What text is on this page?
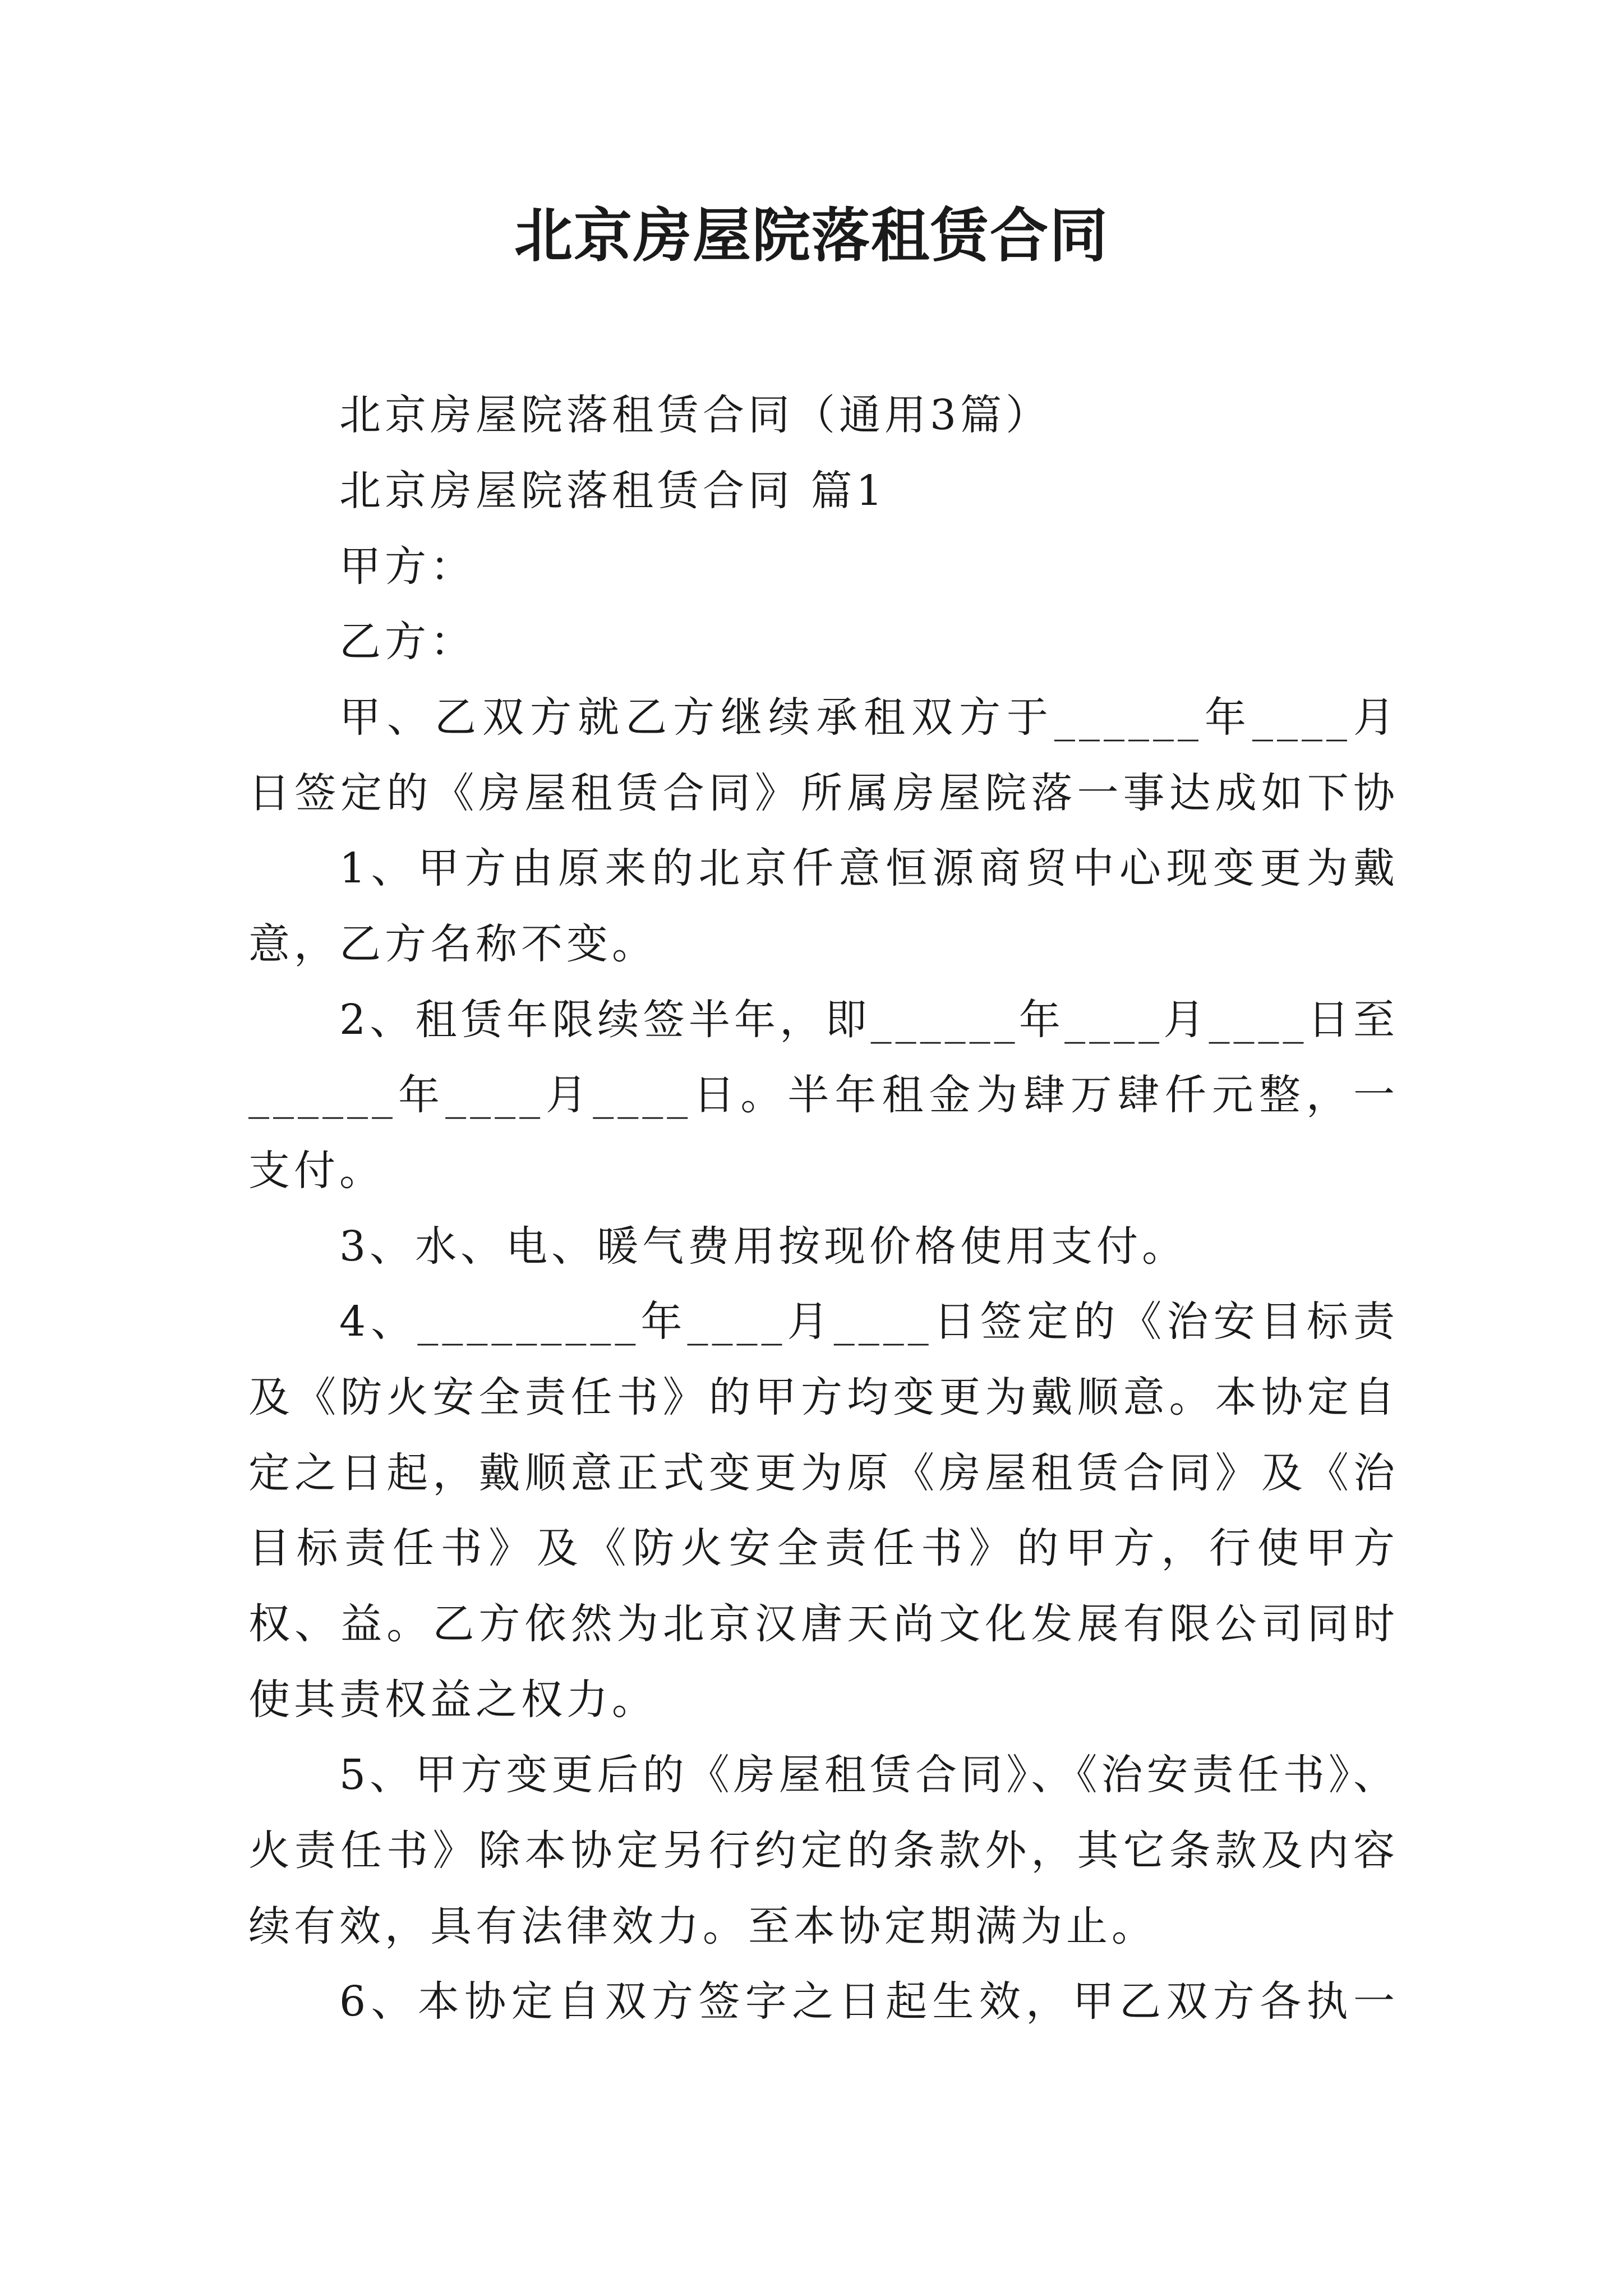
北京房屋院落租赁合同
北京房屋院落租赁合同（通用3篇）
北京房屋院落租赁合同 篇1
甲方：
乙方：
甲、乙双方就乙方继续承租双方于______年____月
日签定的《房屋租赁合同》所属房屋院落一事达成如下协
1、甲方由原来的北京仟意恒源商贸中心现变更为戴
意，乙方名称不变。
2、租赁年限续签半年，即______年____月____日至
______年____月____日。半年租金为肆万肆仟元整，一
支付。
3、水、电、暖气费用按现价格使用支付。
4、_________年____月____日签定的《治安目标责
及《防火安全责任书》的甲方均变更为戴顺意。本协定自
定之日起，戴顺意正式变更为原《房屋租赁合同》及《治
目标责任书》及《防火安全责任书》的甲方，行使甲方
权、益。乙方依然为北京汉唐天尚文化发展有限公司同时
使其责权益之权力。
5、甲方变更后的《房屋租赁合同》、《治安责任书》、
火责任书》除本协定另行约定的条款外，其它条款及内容
续有效，具有法律效力。至本协定期满为止。
6、本协定自双方签字之日起生效，甲乙双方各执一
